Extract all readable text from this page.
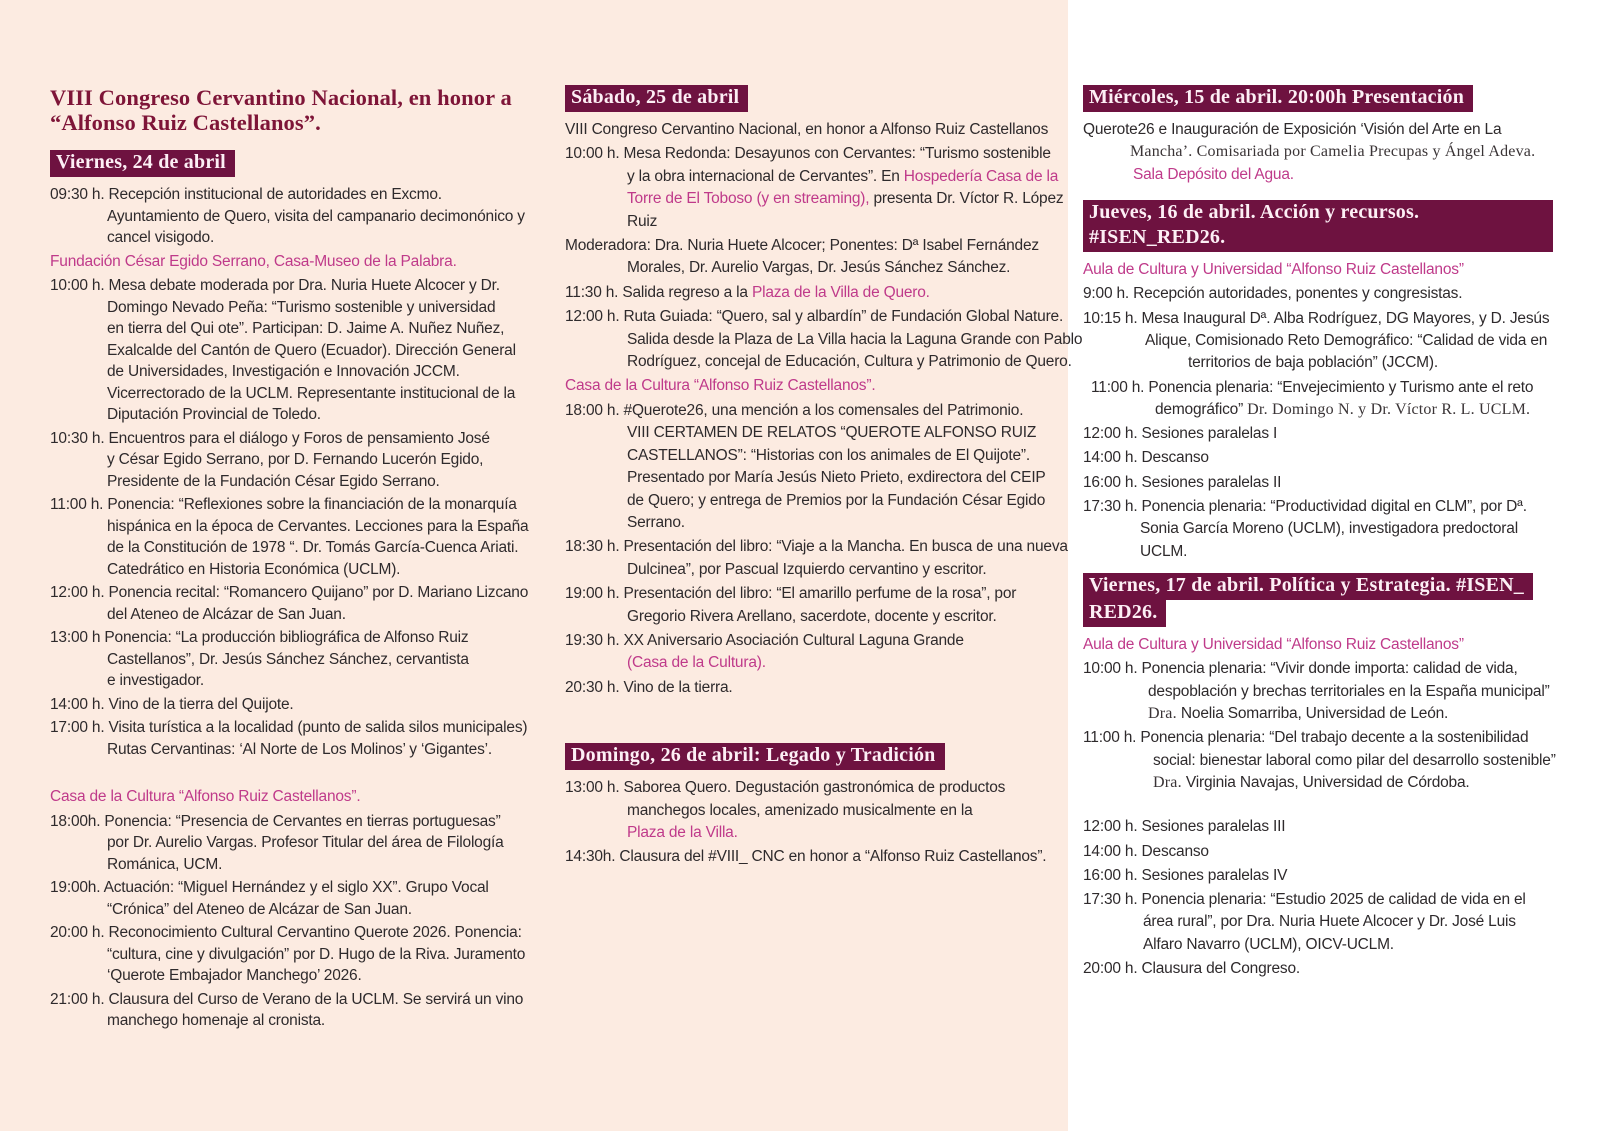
VIII Congreso Cervantino Nacional, en honor a
“Alfonso Ruiz Castellanos”.
Viernes, 24 de abril
09:30 h. Recepción institucional de autoridades en Excmo.
Ayuntamiento de Quero, visita del campanario decimonónico y
cancel visigodo.
Fundación César Egido Serrano, Casa-Museo de la Palabra.
10:00 h. Mesa debate moderada por Dra. Nuria Huete Alcocer y Dr.
Domingo Nevado Peña: “Turismo sostenible y universidad
en tierra del Qui ote”. Participan: D. Jaime A. Nuñez Nuñez,
Exalcalde del Cantón de Quero (Ecuador). Dirección General
de Universidades, Investigación e Innovación JCCM.
Vicerrectorado de la UCLM. Representante institucional de la
Diputación Provincial de Toledo.
10:30 h. Encuentros para el diálogo y Foros de pensamiento José
y César Egido Serrano, por D. Fernando Lucerón Egido,
Presidente de la Fundación César Egido Serrano.
11:00 h. Ponencia: “Reflexiones sobre la financiación de la monarquía
hispánica en la época de Cervantes. Lecciones para la España
de la Constitución de 1978 “. Dr. Tomás García-Cuenca Ariati.
Catedrático en Historia Económica (UCLM).
12:00 h. Ponencia recital: “Romancero Quijano” por D. Mariano Lizcano
del Ateneo de Alcázar de San Juan.
13:00 h Ponencia: “La producción bibliográfica de Alfonso Ruiz
Castellanos”, Dr. Jesús Sánchez Sánchez, cervantista
e investigador.
14:00 h. Vino de la tierra del Quijote.
17:00 h. Visita turística a la localidad (punto de salida silos municipales)
Rutas Cervantinas: ‘Al Norte de Los Molinos’ y ‘Gigantes’.
Casa de la Cultura “Alfonso Ruiz Castellanos”.
18:00h. Ponencia: “Presencia de Cervantes en tierras portuguesas”
por Dr. Aurelio Vargas. Profesor Titular del área de Filología
Románica, UCM.
19:00h. Actuación: “Miguel Hernández y el siglo XX”. Grupo Vocal
“Crónica” del Ateneo de Alcázar de San Juan.
20:00 h. Reconocimiento Cultural Cervantino Querote 2026. Ponencia:
“cultura, cine y divulgación” por D. Hugo de la Riva. Juramento
‘Querote Embajador Manchego’ 2026.
21:00 h. Clausura del Curso de Verano de la UCLM. Se servirá un vino
manchego homenaje al cronista.
Sábado, 25 de abril
VIII Congreso Cervantino Nacional, en honor a Alfonso Ruiz Castellanos
10:00 h. Mesa Redonda: Desayunos con Cervantes: “Turismo sostenible
y la obra internacional de Cervantes”. En Hospedería Casa de la
Torre de El Toboso (y en streaming), presenta Dr. Víctor R. López
Ruiz
Moderadora: Dra. Nuria Huete Alcocer; Ponentes: Dª Isabel Fernández
Morales, Dr. Aurelio Vargas, Dr. Jesús Sánchez Sánchez.
11:30 h. Salida regreso a la Plaza de la Villa de Quero.
12:00 h. Ruta Guiada: “Quero, sal y albardín” de Fundación Global Nature.
Salida desde la Plaza de La Villa hacia la Laguna Grande con Pablo
Rodríguez, concejal de Educación, Cultura y Patrimonio de Quero.
Casa de la Cultura “Alfonso Ruiz Castellanos”.
18:00 h. #Querote26, una mención a los comensales del Patrimonio.
VIII CERTAMEN DE RELATOS “QUEROTE ALFONSO RUIZ
CASTELLANOS”: “Historias con los animales de El Quijote”.
Presentado por María Jesús Nieto Prieto, exdirectora del CEIP
de Quero; y entrega de Premios por la Fundación César Egido
Serrano.
18:30 h. Presentación del libro: “Viaje a la Mancha. En busca de una nueva
Dulcinea”, por Pascual Izquierdo cervantino y escritor.
19:00 h. Presentación del libro: “El amarillo perfume de la rosa”, por
Gregorio Rivera Arellano, sacerdote, docente y escritor.
19:30 h. XX Aniversario Asociación Cultural Laguna Grande
(Casa de la Cultura).
20:30 h. Vino de la tierra.
Domingo, 26 de abril: Legado y Tradición
13:00 h. Saborea Quero. Degustación gastronómica de productos
manchegos locales, amenizado musicalmente en la
Plaza de la Villa.
14:30h. Clausura del #VIII_ CNC en honor a “Alfonso Ruiz Castellanos”.
Miércoles, 15 de abril. 20:00h Presentación
Querote26 e Inauguración de Exposición ‘Visión del Arte en La
Mancha’. Comisariada por Camelia Precupas y Ángel Adeva.
Sala Depósito del Agua.
Jueves, 16 de abril. Acción y recursos. #ISEN_RED26.
Aula de Cultura y Universidad “Alfonso Ruiz Castellanos”
9:00 h. Recepción autoridades, ponentes y congresistas.
10:15 h. Mesa Inaugural Dª. Alba Rodríguez, DG Mayores, y D. Jesús
Alique, Comisionado Reto Demográfico: “Calidad de vida en
territorios de baja población” (JCCM).
11:00 h. Ponencia plenaria: “Envejecimiento y Turismo ante el reto
demográfico” Dr. Domingo N. y Dr. Víctor R. L. UCLM.
12:00 h. Sesiones paralelas I
14:00 h. Descanso
16:00 h. Sesiones paralelas II
17:30 h. Ponencia plenaria: “Productividad digital en CLM”, por Dª.
Sonia García Moreno (UCLM), investigadora predoctoral
UCLM.
Viernes, 17 de abril. Política y Estrategia. #ISEN_
RED26.
Aula de Cultura y Universidad “Alfonso Ruiz Castellanos”
10:00 h. Ponencia plenaria: “Vivir donde importa: calidad de vida,
despoblación y brechas territoriales en la España municipal”
Dra. Noelia Somarriba, Universidad de León.
11:00 h. Ponencia plenaria: “Del trabajo decente a la sostenibilidad
social: bienestar laboral como pilar del desarrollo sostenible”
Dra. Virginia Navajas, Universidad de Córdoba.
12:00 h. Sesiones paralelas III
14:00 h. Descanso
16:00 h. Sesiones paralelas IV
17:30 h. Ponencia plenaria: “Estudio 2025 de calidad de vida en el
área rural”, por Dra. Nuria Huete Alcocer y Dr. José Luis
Alfaro Navarro (UCLM), OICV-UCLM.
20:00 h. Clausura del Congreso.
